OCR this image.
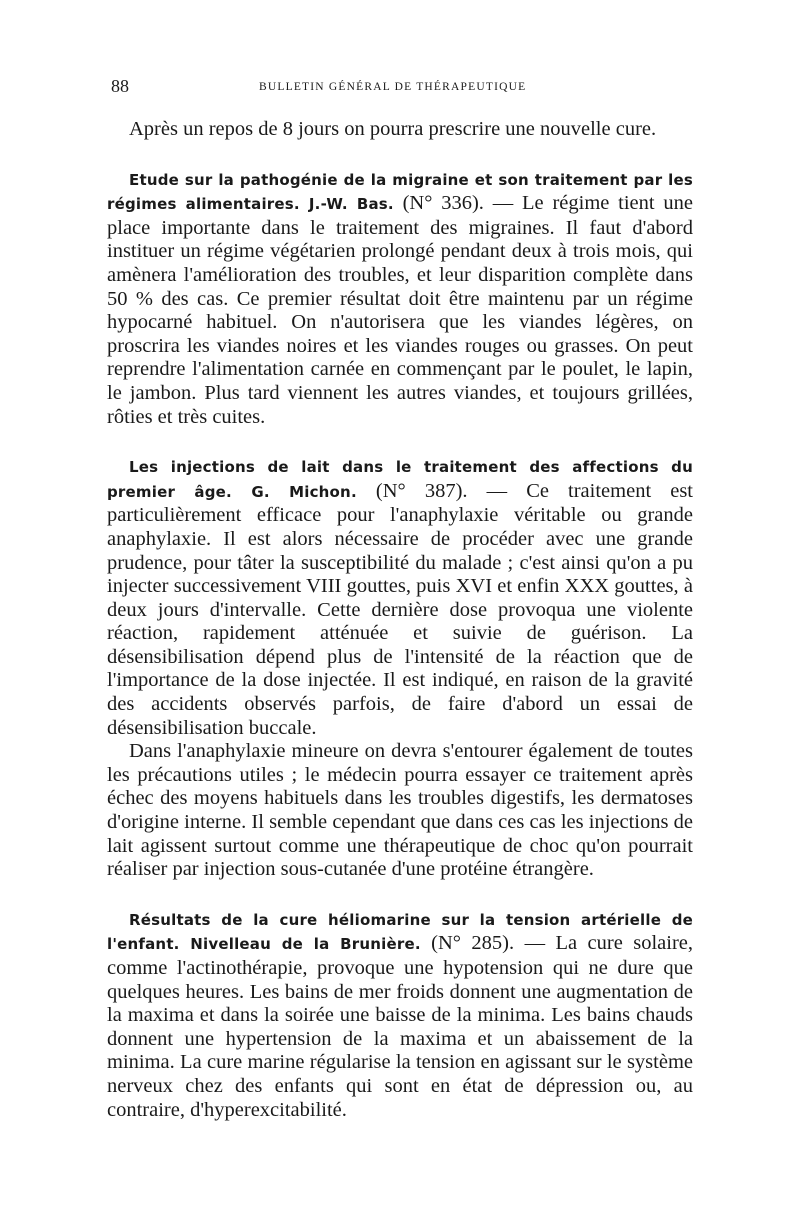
88	BULLETIN GÉNÉRAL DE THÉRAPEUTIQUE

Après un repos de 8 jours on pourra prescrire une nouvelle cure.

Etude sur la pathogénie de la migraine et son traitement par les régimes alimentaires. J.-W. Bas. (N° 336). — Le régime tient une place importante dans le traitement des migraines. Il faut d'abord instituer un régime végétarien prolongé pendant deux à trois mois, qui amènera l'amélioration des troubles, et leur disparition complète dans 50 % des cas. Ce premier résultat doit être maintenu par un régime hypocarné habituel. On n'autorisera que les viandes légères, on proscrira les viandes noires et les viandes rouges ou grasses. On peut reprendre l'alimentation carnée en commençant par le poulet, le lapin, le jambon. Plus tard viennent les autres viandes, et toujours grillées, rôties et très cuites.

Les injections de lait dans le traitement des affections du premier âge. G. Michon. (N° 387). — Ce traitement est particulièrement efficace pour l'anaphylaxie véritable ou grande anaphylaxie. Il est alors nécessaire de procéder avec une grande prudence, pour tâter la susceptibilité du malade ; c'est ainsi qu'on a pu injecter successivement VIII gouttes, puis XVI et enfin XXX gouttes, à deux jours d'intervalle. Cette dernière dose provoqua une violente réaction, rapidement atténuée et suivie de guérison. La désensibilisation dépend plus de l'intensité de la réaction que de l'importance de la dose injectée. Il est indiqué, en raison de la gravité des accidents observés parfois, de faire d'abord un essai de désensibilisation buccale.

Dans l'anaphylaxie mineure on devra s'entourer également de toutes les précautions utiles ; le médecin pourra essayer ce traitement après échec des moyens habituels dans les troubles digestifs, les dermatoses d'origine interne. Il semble cependant que dans ces cas les injections de lait agissent surtout comme une thérapeutique de choc qu'on pourrait réaliser par injection sous-cutanée d'une protéine étrangère.

Résultats de la cure héliomarine sur la tension artérielle de l'enfant. Nivelleau de la Brunière. (N° 285). — La cure solaire, comme l'actinothérapie, provoque une hypotension qui ne dure que quelques heures. Les bains de mer froids donnent une augmentation de la maxima et dans la soirée une baisse de la minima. Les bains chauds donnent une hypertension de la maxima et un abaissement de la minima. La cure marine régularise la tension en agissant sur le système nerveux chez des enfants qui sont en état de dépression ou, au contraire, d'hyperexcitabilité.
